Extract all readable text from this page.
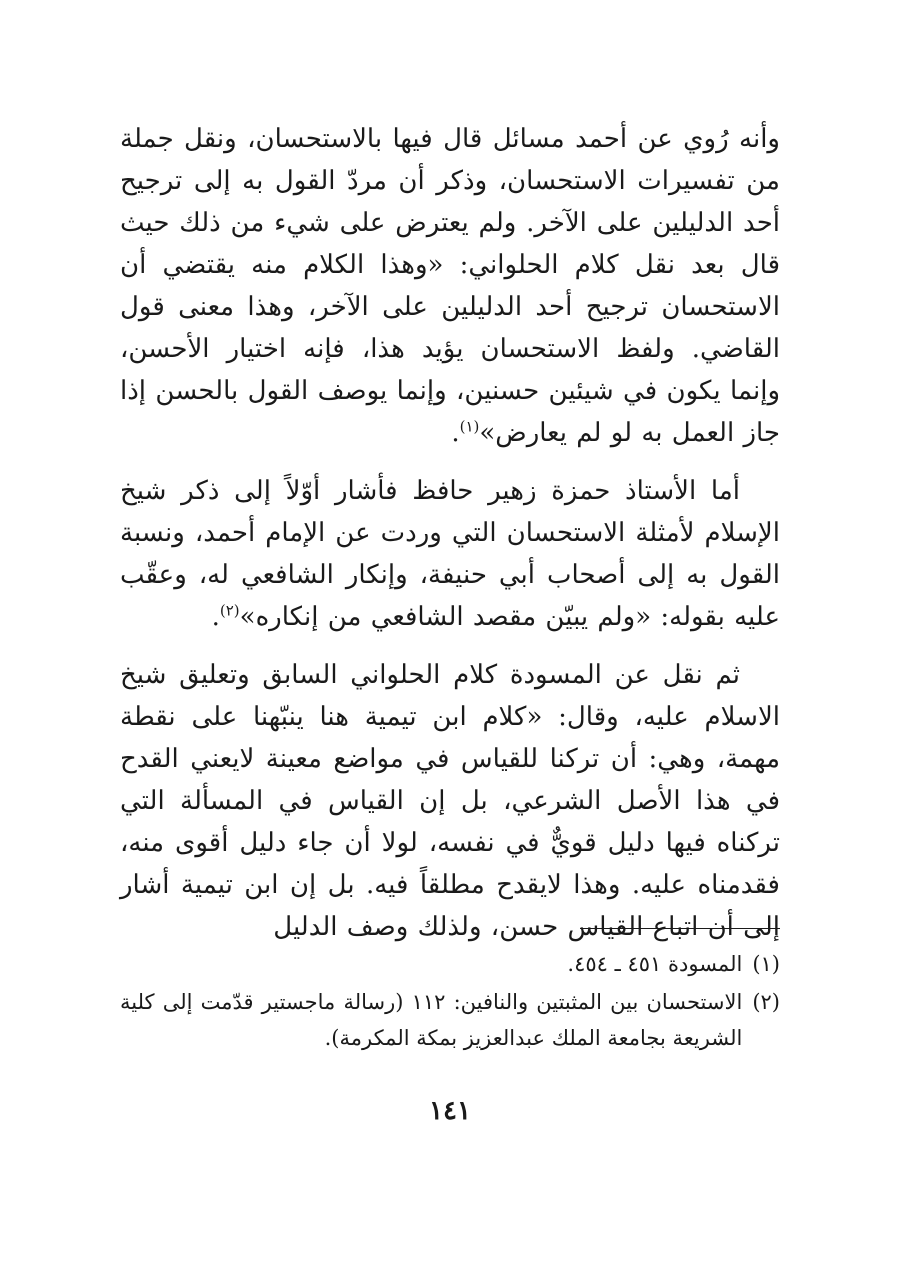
وأنه رُوي عن أحمد مسائل قال فيها بالاستحسان، ونقل جملة من تفسيرات الاستحسان، وذكر أن مردّ القول به إلى ترجيح أحد الدليلين على الآخر. ولم يعترض على شيء من ذلك حيث قال بعد نقل كلام الحلواني: «وهذا الكلام منه يقتضي أن الاستحسان ترجيح أحد الدليلين على الآخر، وهذا معنى قول القاضي. ولفظ الاستحسان يؤيد هذا، فإنه اختيار الأحسن، وإنما يكون في شيئين حسنين، وإنما يوصف القول بالحسن إذا جاز العمل به لو لم يعارض»$^{(١)}$.

أما الأستاذ حمزة زهير حافظ فأشار أوّلاً إلى ذكر شيخ الإسلام لأمثلة الاستحسان التي وردت عن الإمام أحمد، ونسبة القول به إلى أصحاب أبي حنيفة، وإنكار الشافعي له، وعقّب عليه بقوله: «ولم يبيّن مقصد الشافعي من إنكاره»$^{(٢)}$.

ثم نقل عن المسودة كلام الحلواني السابق وتعليق شيخ الاسلام عليه، وقال: «كلام ابن تيمية هنا ينبّهنا على نقطة مهمة، وهي: أن تركنا للقياس في مواضع معينة لايعني القدح في هذا الأصل الشرعي، بل إن القياس في المسألة التي تركناه فيها دليل قويٌّ في نفسه، لولا أن جاء دليل أقوى منه، فقدمناه عليه. وهذا لايقدح مطلقاً فيه. بل إن ابن تيمية أشار إلى أن اتباع القياس حسن، ولذلك وصف الدليل

(١)
المسودة ٤٥١ ـ ٤٥٤.
(٢)
الاستحسان بين المثبتين والنافين: ١١٢ (رسالة ماجستير قدّمت إلى كلية الشريعة بجامعة الملك عبدالعزيز بمكة المكرمة).
١٤١
